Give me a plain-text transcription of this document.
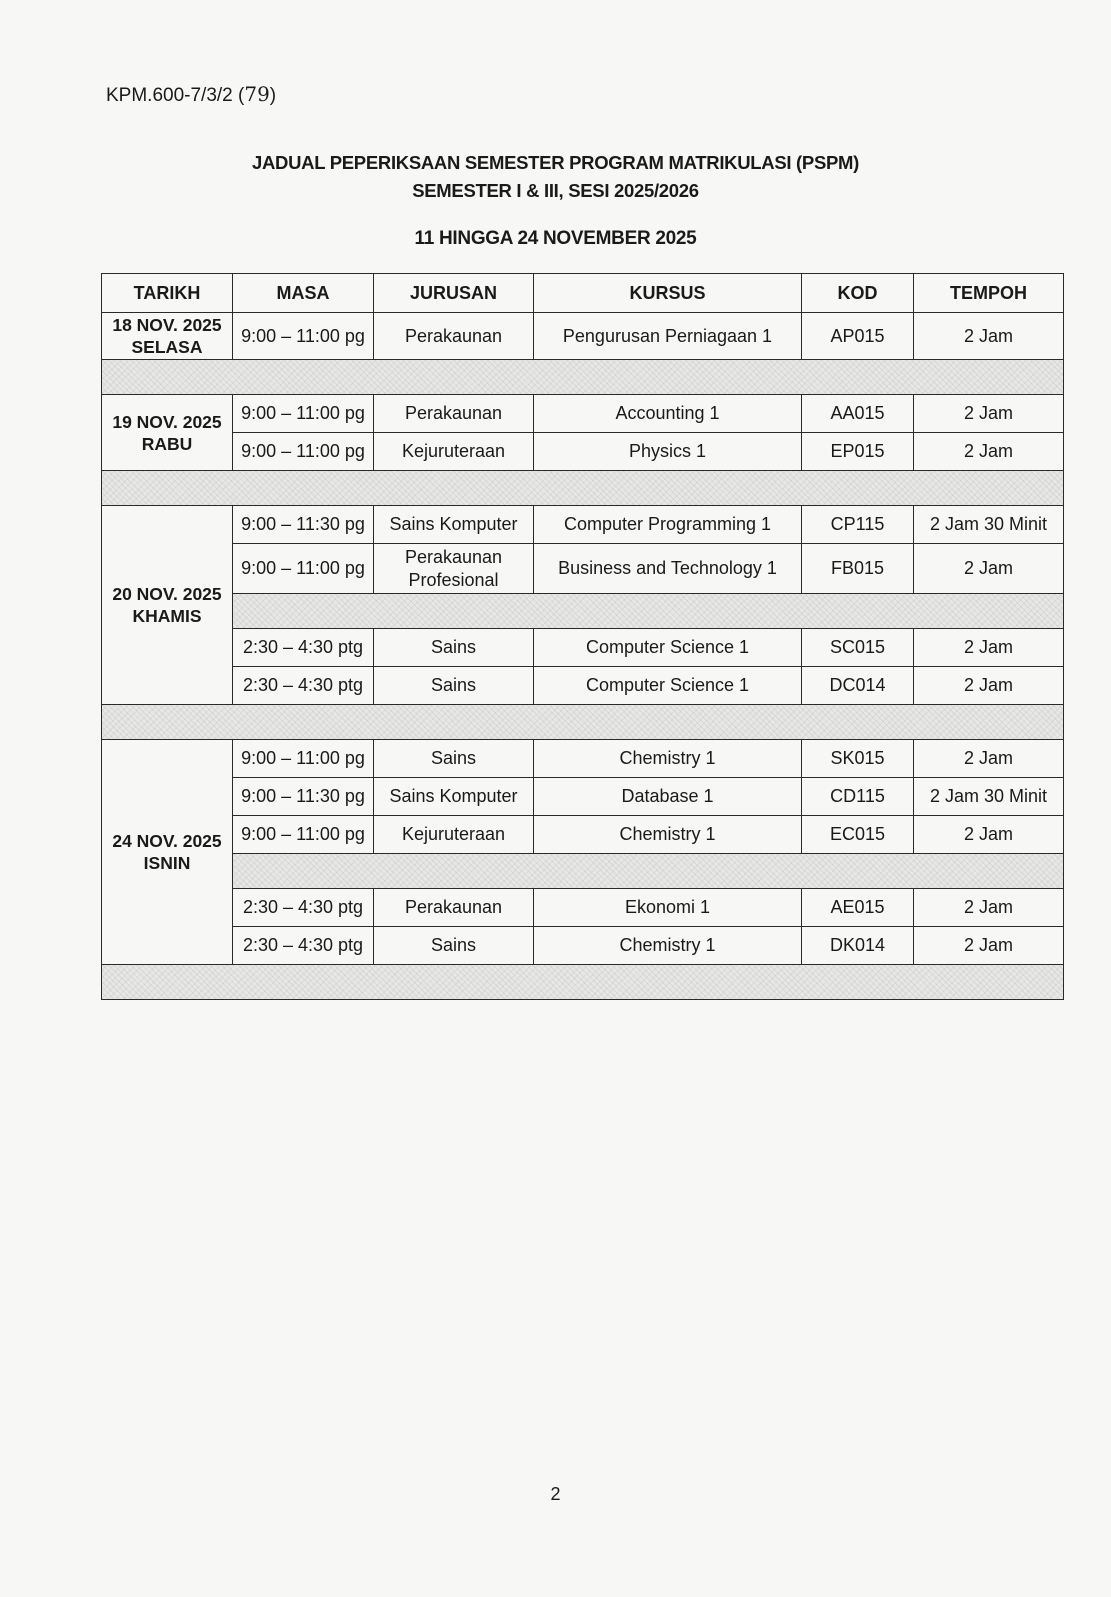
KPM.600-7/3/2 (79)
JADUAL PEPERIKSAAN SEMESTER PROGRAM MATRIKULASI (PSPM)
SEMESTER I & III, SESI 2025/2026
11 HINGGA 24 NOVEMBER 2025
TARIKH	MASA	JURUSAN	KURSUS	KOD	TEMPOH

18 NOV. 2025
SELASA	9:00 – 11:00 pg	Perakaunan	Pengurusan Perniagaan 1	AP015	2 Jam

19 NOV. 2025
RABU	9:00 – 11:00 pg	Perakaunan	Accounting 1	AA015	2 Jam
	9:00 – 11:00 pg	Kejuruteraan	Physics 1	EP015	2 Jam

20 NOV. 2025
KHAMIS	9:00 – 11:30 pg	Sains Komputer	Computer Programming 1	CP115	2 Jam 30 Minit
	9:00 – 11:00 pg	Perakaunan Profesional	Business and Technology 1	FB015	2 Jam

	2:30 – 4:30 ptg	Sains	Computer Science 1	SC015	2 Jam
	2:30 – 4:30 ptg	Sains	Computer Science 1	DC014	2 Jam

24 NOV. 2025
ISNIN	9:00 – 11:00 pg	Sains	Chemistry 1	SK015	2 Jam
	9:00 – 11:30 pg	Sains Komputer	Database 1	CD115	2 Jam 30 Minit
	9:00 – 11:00 pg	Kejuruteraan	Chemistry 1	EC015	2 Jam

	2:30 – 4:30 ptg	Perakaunan	Ekonomi 1	AE015	2 Jam
	2:30 – 4:30 ptg	Sains	Chemistry 1	DK014	2 Jam

2
